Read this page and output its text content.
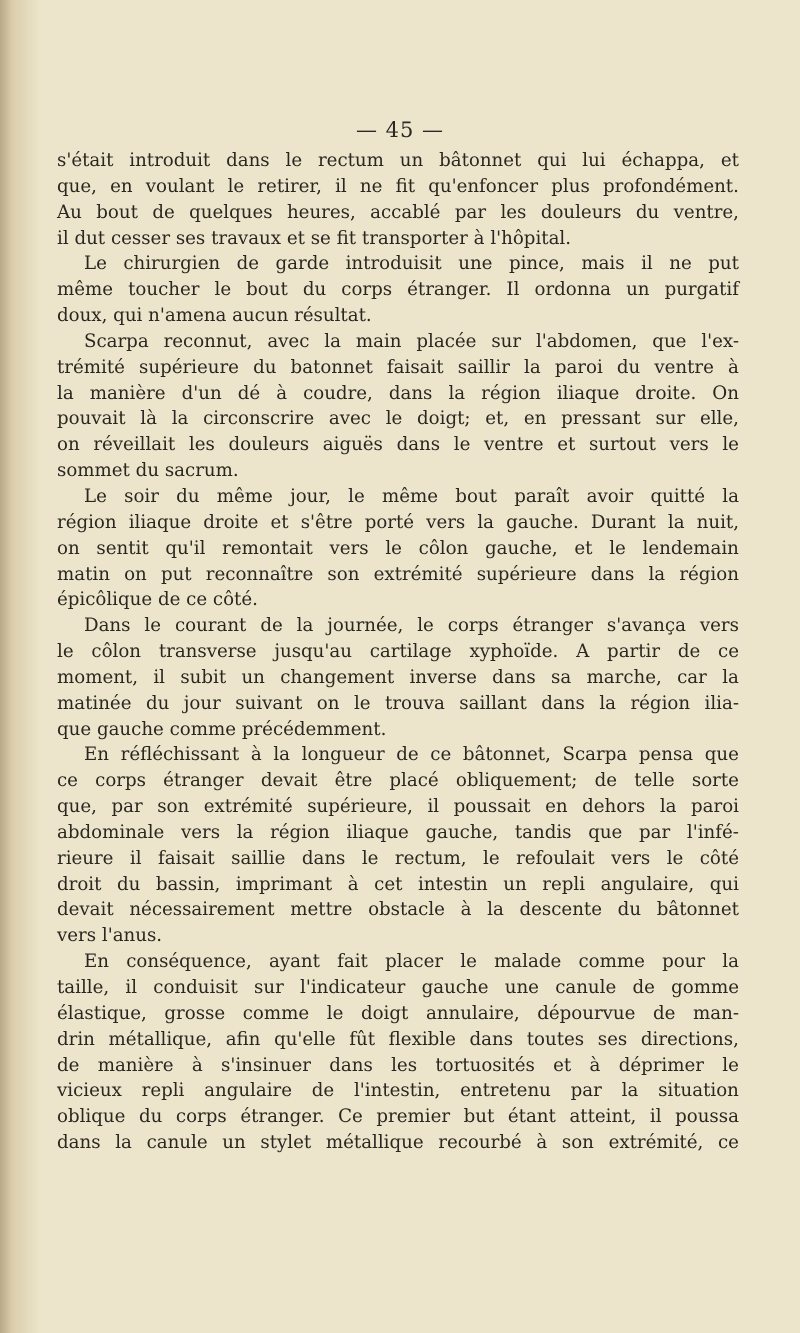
— 45 —
s'était introduit dans le rectum un bâtonnet qui lui échappa, et
que, en voulant le retirer, il ne fit qu'enfoncer plus profondément.
Au bout de quelques heures, accablé par les douleurs du ventre,
il dut cesser ses travaux et se fit transporter à l'hôpital.
Le chirurgien de garde introduisit une pince, mais il ne put
même toucher le bout du corps étranger. Il ordonna un purgatif
doux, qui n'amena aucun résultat.
Scarpa reconnut, avec la main placée sur l'abdomen, que l'ex-
trémité supérieure du batonnet faisait saillir la paroi du ventre à
la manière d'un dé à coudre, dans la région iliaque droite. On
pouvait là la circonscrire avec le doigt; et, en pressant sur elle,
on réveillait les douleurs aiguës dans le ventre et surtout vers le
sommet du sacrum.
Le soir du même jour, le même bout paraît avoir quitté la
région iliaque droite et s'être porté vers la gauche. Durant la nuit,
on sentit qu'il remontait vers le côlon gauche, et le lendemain
matin on put reconnaître son extrémité supérieure dans la région
épicôlique de ce côté.
Dans le courant de la journée, le corps étranger s'avança vers
le côlon transverse jusqu'au cartilage xyphoïde. A partir de ce
moment, il subit un changement inverse dans sa marche, car la
matinée du jour suivant on le trouva saillant dans la région ilia-
que gauche comme précédemment.
En réfléchissant à la longueur de ce bâtonnet, Scarpa pensa que
ce corps étranger devait être placé obliquement; de telle sorte
que, par son extrémité supérieure, il poussait en dehors la paroi
abdominale vers la région iliaque gauche, tandis que par l'infé-
rieure il faisait saillie dans le rectum, le refoulait vers le côté
droit du bassin, imprimant à cet intestin un repli angulaire, qui
devait nécessairement mettre obstacle à la descente du bâtonnet
vers l'anus.
En conséquence, ayant fait placer le malade comme pour la
taille, il conduisit sur l'indicateur gauche une canule de gomme
élastique, grosse comme le doigt annulaire, dépourvue de man-
drin métallique, afin qu'elle fût flexible dans toutes ses directions,
de manière à s'insinuer dans les tortuosités et à déprimer le
vicieux repli angulaire de l'intestin, entretenu par la situation
oblique du corps étranger. Ce premier but étant atteint, il poussa
dans la canule un stylet métallique recourbé à son extrémité, ce
